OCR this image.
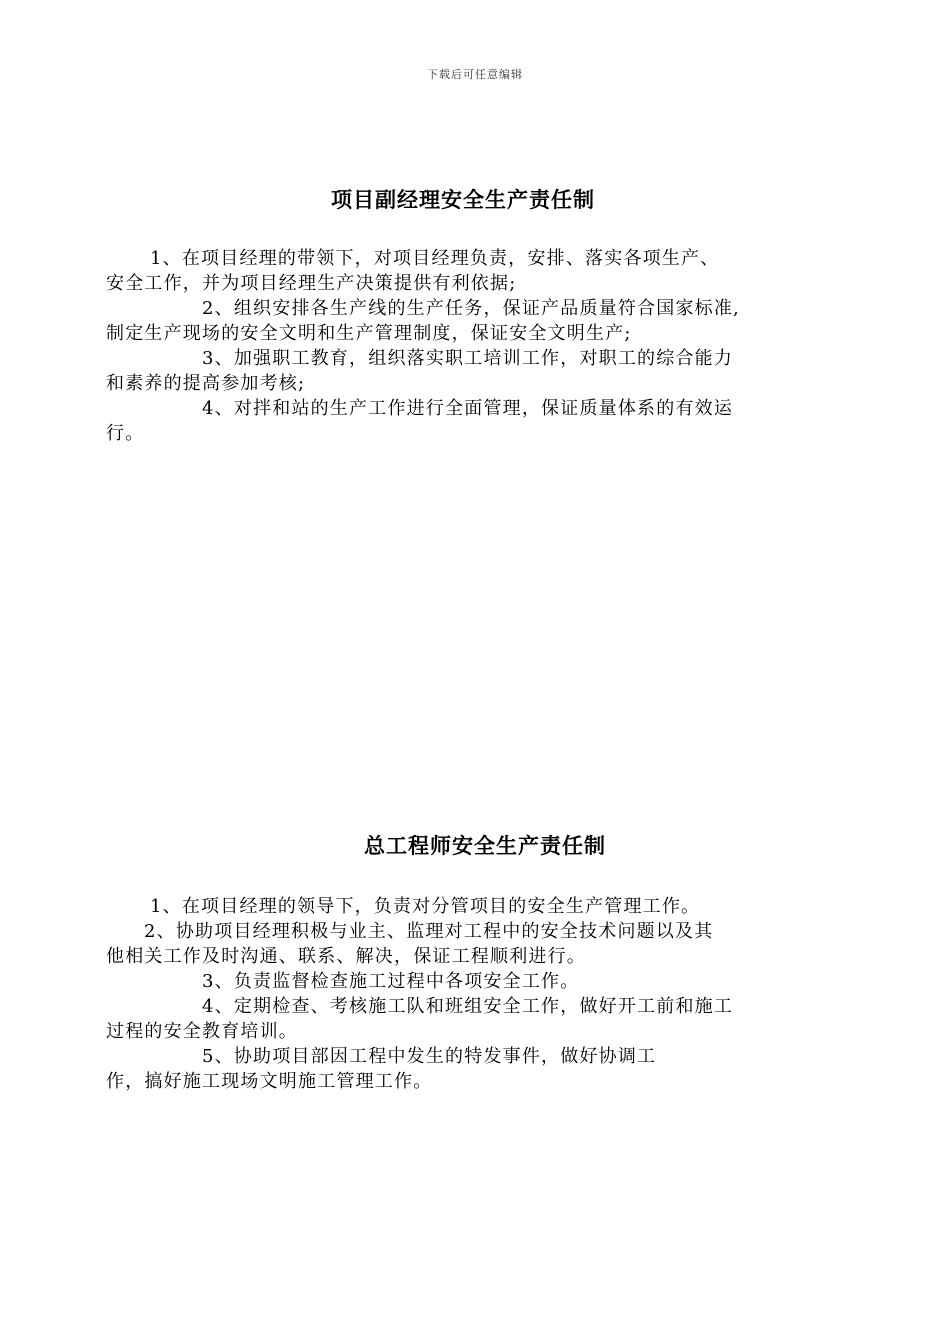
下载后可任意编辑
项目副经理安全生产责任制

1、在项目经理的带领下，对项目经理负责，安排、落实各项生产、

安全工作，并为项目经理生产决策提供有利依据;

2、组织安排各生产线的生产任务，保证产品质量符合国家标准,

制定生产现场的安全文明和生产管理制度，保证安全文明生产;

3、加强职工教育，组织落实职工培训工作，对职工的综合能力

和素养的提高参加考核;

4、对拌和站的生产工作进行全面管理，保证质量体系的有效运

行。

总工程师安全生产责任制

1、在项目经理的领导下，负责对分管项目的安全生产管理工作。

2、协助项目经理积极与业主、监理对工程中的安全技术问题以及其

他相关工作及时沟通、联系、解决，保证工程顺利进行。

3、负责监督检查施工过程中各项安全工作。

4、定期检查、考核施工队和班组安全工作，做好开工前和施工

过程的安全教育培训。

5、协助项目部因工程中发生的特发事件，做好协调工

作，搞好施工现场文明施工管理工作。
